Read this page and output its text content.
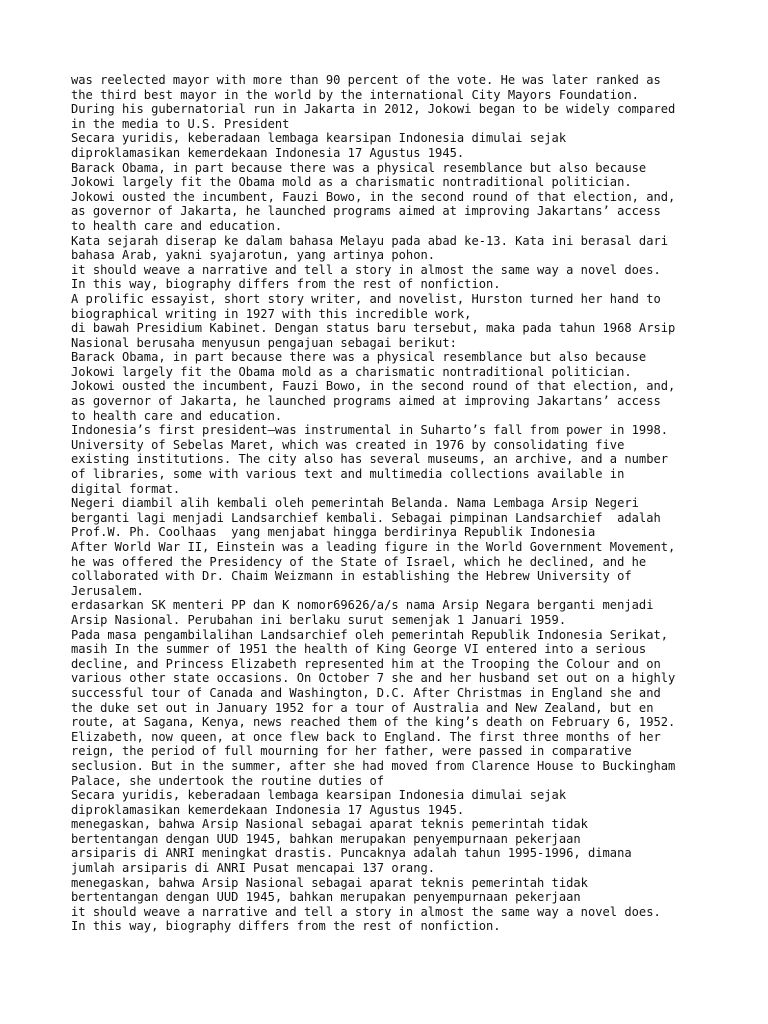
was reelected mayor with more than 90 percent of the vote. He was later ranked as
the third best mayor in the world by the international City Mayors Foundation.
During his gubernatorial run in Jakarta in 2012, Jokowi began to be widely compared
in the media to U.S. President
Secara yuridis, keberadaan lembaga kearsipan Indonesia dimulai sejak
diproklamasikan kemerdekaan Indonesia 17 Agustus 1945.
Barack Obama, in part because there was a physical resemblance but also because
Jokowi largely fit the Obama mold as a charismatic nontraditional politician.
Jokowi ousted the incumbent, Fauzi Bowo, in the second round of that election, and,
as governor of Jakarta, he launched programs aimed at improving Jakartans’ access
to health care and education.
Kata sejarah diserap ke dalam bahasa Melayu pada abad ke-13. Kata ini berasal dari
bahasa Arab, yakni syajarotun, yang artinya pohon.
it should weave a narrative and tell a story in almost the same way a novel does.
In this way, biography differs from the rest of nonfiction.
A prolific essayist, short story writer, and novelist, Hurston turned her hand to
biographical writing in 1927 with this incredible work,
di bawah Presidium Kabinet. Dengan status baru tersebut, maka pada tahun 1968 Arsip
Nasional berusaha menyusun pengajuan sebagai berikut:
Barack Obama, in part because there was a physical resemblance but also because
Jokowi largely fit the Obama mold as a charismatic nontraditional politician.
Jokowi ousted the incumbent, Fauzi Bowo, in the second round of that election, and,
as governor of Jakarta, he launched programs aimed at improving Jakartans’ access
to health care and education.
Indonesia’s first president—was instrumental in Suharto’s fall from power in 1998.
University of Sebelas Maret, which was created in 1976 by consolidating five
existing institutions. The city also has several museums, an archive, and a number
of libraries, some with various text and multimedia collections available in
digital format.
Negeri diambil alih kembali oleh pemerintah Belanda. Nama Lembaga Arsip Negeri
berganti lagi menjadi Landsarchief kembali. Sebagai pimpinan Landsarchief  adalah
Prof.W. Ph. Coolhaas  yang menjabat hingga berdirinya Republik Indonesia
After World War II, Einstein was a leading figure in the World Government Movement,
he was offered the Presidency of the State of Israel, which he declined, and he
collaborated with Dr. Chaim Weizmann in establishing the Hebrew University of
Jerusalem.
erdasarkan SK menteri PP dan K nomor69626/a/s nama Arsip Negara berganti menjadi
Arsip Nasional. Perubahan ini berlaku surut semenjak 1 Januari 1959.
Pada masa pengambilalihan Landsarchief oleh pemerintah Republik Indonesia Serikat,
masih In the summer of 1951 the health of King George VI entered into a serious
decline, and Princess Elizabeth represented him at the Trooping the Colour and on
various other state occasions. On October 7 she and her husband set out on a highly
successful tour of Canada and Washington, D.C. After Christmas in England she and
the duke set out in January 1952 for a tour of Australia and New Zealand, but en
route, at Sagana, Kenya, news reached them of the king’s death on February 6, 1952.
Elizabeth, now queen, at once flew back to England. The first three months of her
reign, the period of full mourning for her father, were passed in comparative
seclusion. But in the summer, after she had moved from Clarence House to Buckingham
Palace, she undertook the routine duties of
Secara yuridis, keberadaan lembaga kearsipan Indonesia dimulai sejak
diproklamasikan kemerdekaan Indonesia 17 Agustus 1945.
menegaskan, bahwa Arsip Nasional sebagai aparat teknis pemerintah tidak
bertentangan dengan UUD 1945, bahkan merupakan penyempurnaan pekerjaan
arsiparis di ANRI meningkat drastis. Puncaknya adalah tahun 1995-1996, dimana
jumlah arsiparis di ANRI Pusat mencapai 137 orang.
menegaskan, bahwa Arsip Nasional sebagai aparat teknis pemerintah tidak
bertentangan dengan UUD 1945, bahkan merupakan penyempurnaan pekerjaan
it should weave a narrative and tell a story in almost the same way a novel does.
In this way, biography differs from the rest of nonfiction.
